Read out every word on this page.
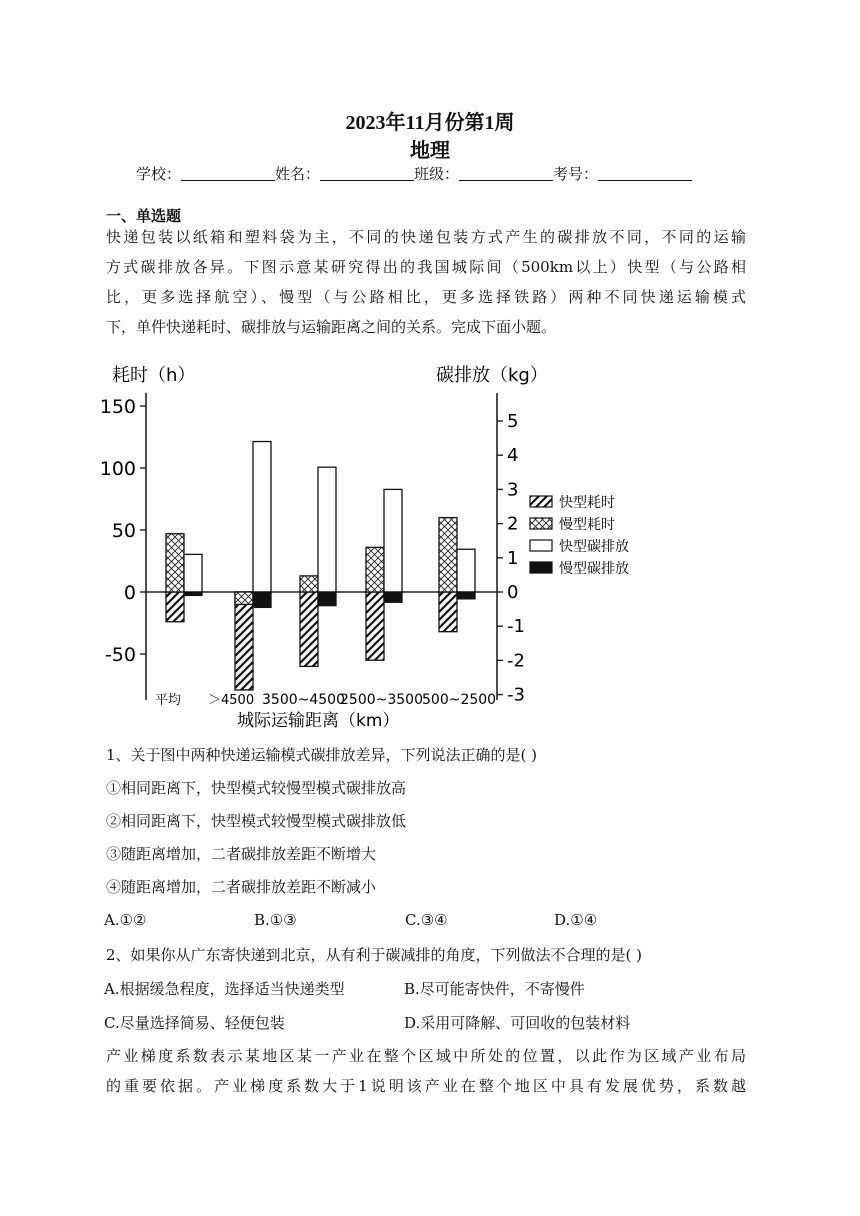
2023年11月份第1周
地理
学校：	姓名：	班级：	考号：
一、单选题
快递包装以纸箱和塑料袋为主，不同的快递包装方式产生的碳排放不同，不同的运输
方式碳排放各异。下图示意某研究得出的我国城际间（500km以上）快型（与公路相
比，更多选择航空）、慢型（与公路相比，更多选择铁路）两种不同快递运输模式
下，单件快递耗时、碳排放与运输距离之间的关系。完成下面小题。
耗时（h）	碳排放（kg）
150
100
50
0
-50
5
4
3
2
1
0
-1
-2
-3
平均 ＞4500 3500~4500
2500~3500 500~2500
快型耗时
慢型耗时
快型碳排放
慢型碳排放
城际运输距离（km）
1、关于图中两种快递运输模式碳排放差异，下列说法正确的是( )
①相同距离下，快型模式较慢型模式碳排放高
②相同距离下，快型模式较慢型模式碳排放低
③随距离增加，二者碳排放差距不断增大
④随距离增加，二者碳排放差距不断减小
A.①②	B.①③	C.③④	D.①④
2、如果你从广东寄快递到北京，从有利于碳减排的角度，下列做法不合理的是( )
A.根据缓急程度，选择适当快递类型	B.尽可能寄快件，不寄慢件
C.尽量选择简易、轻便包装	D.采用可降解、可回收的包装材料
产业梯度系数表示某地区某一产业在整个区域中所处的位置，以此作为区域产业布局
的重要依据。产业梯度系数大于1说明该产业在整个地区中具有发展优势，系数越
